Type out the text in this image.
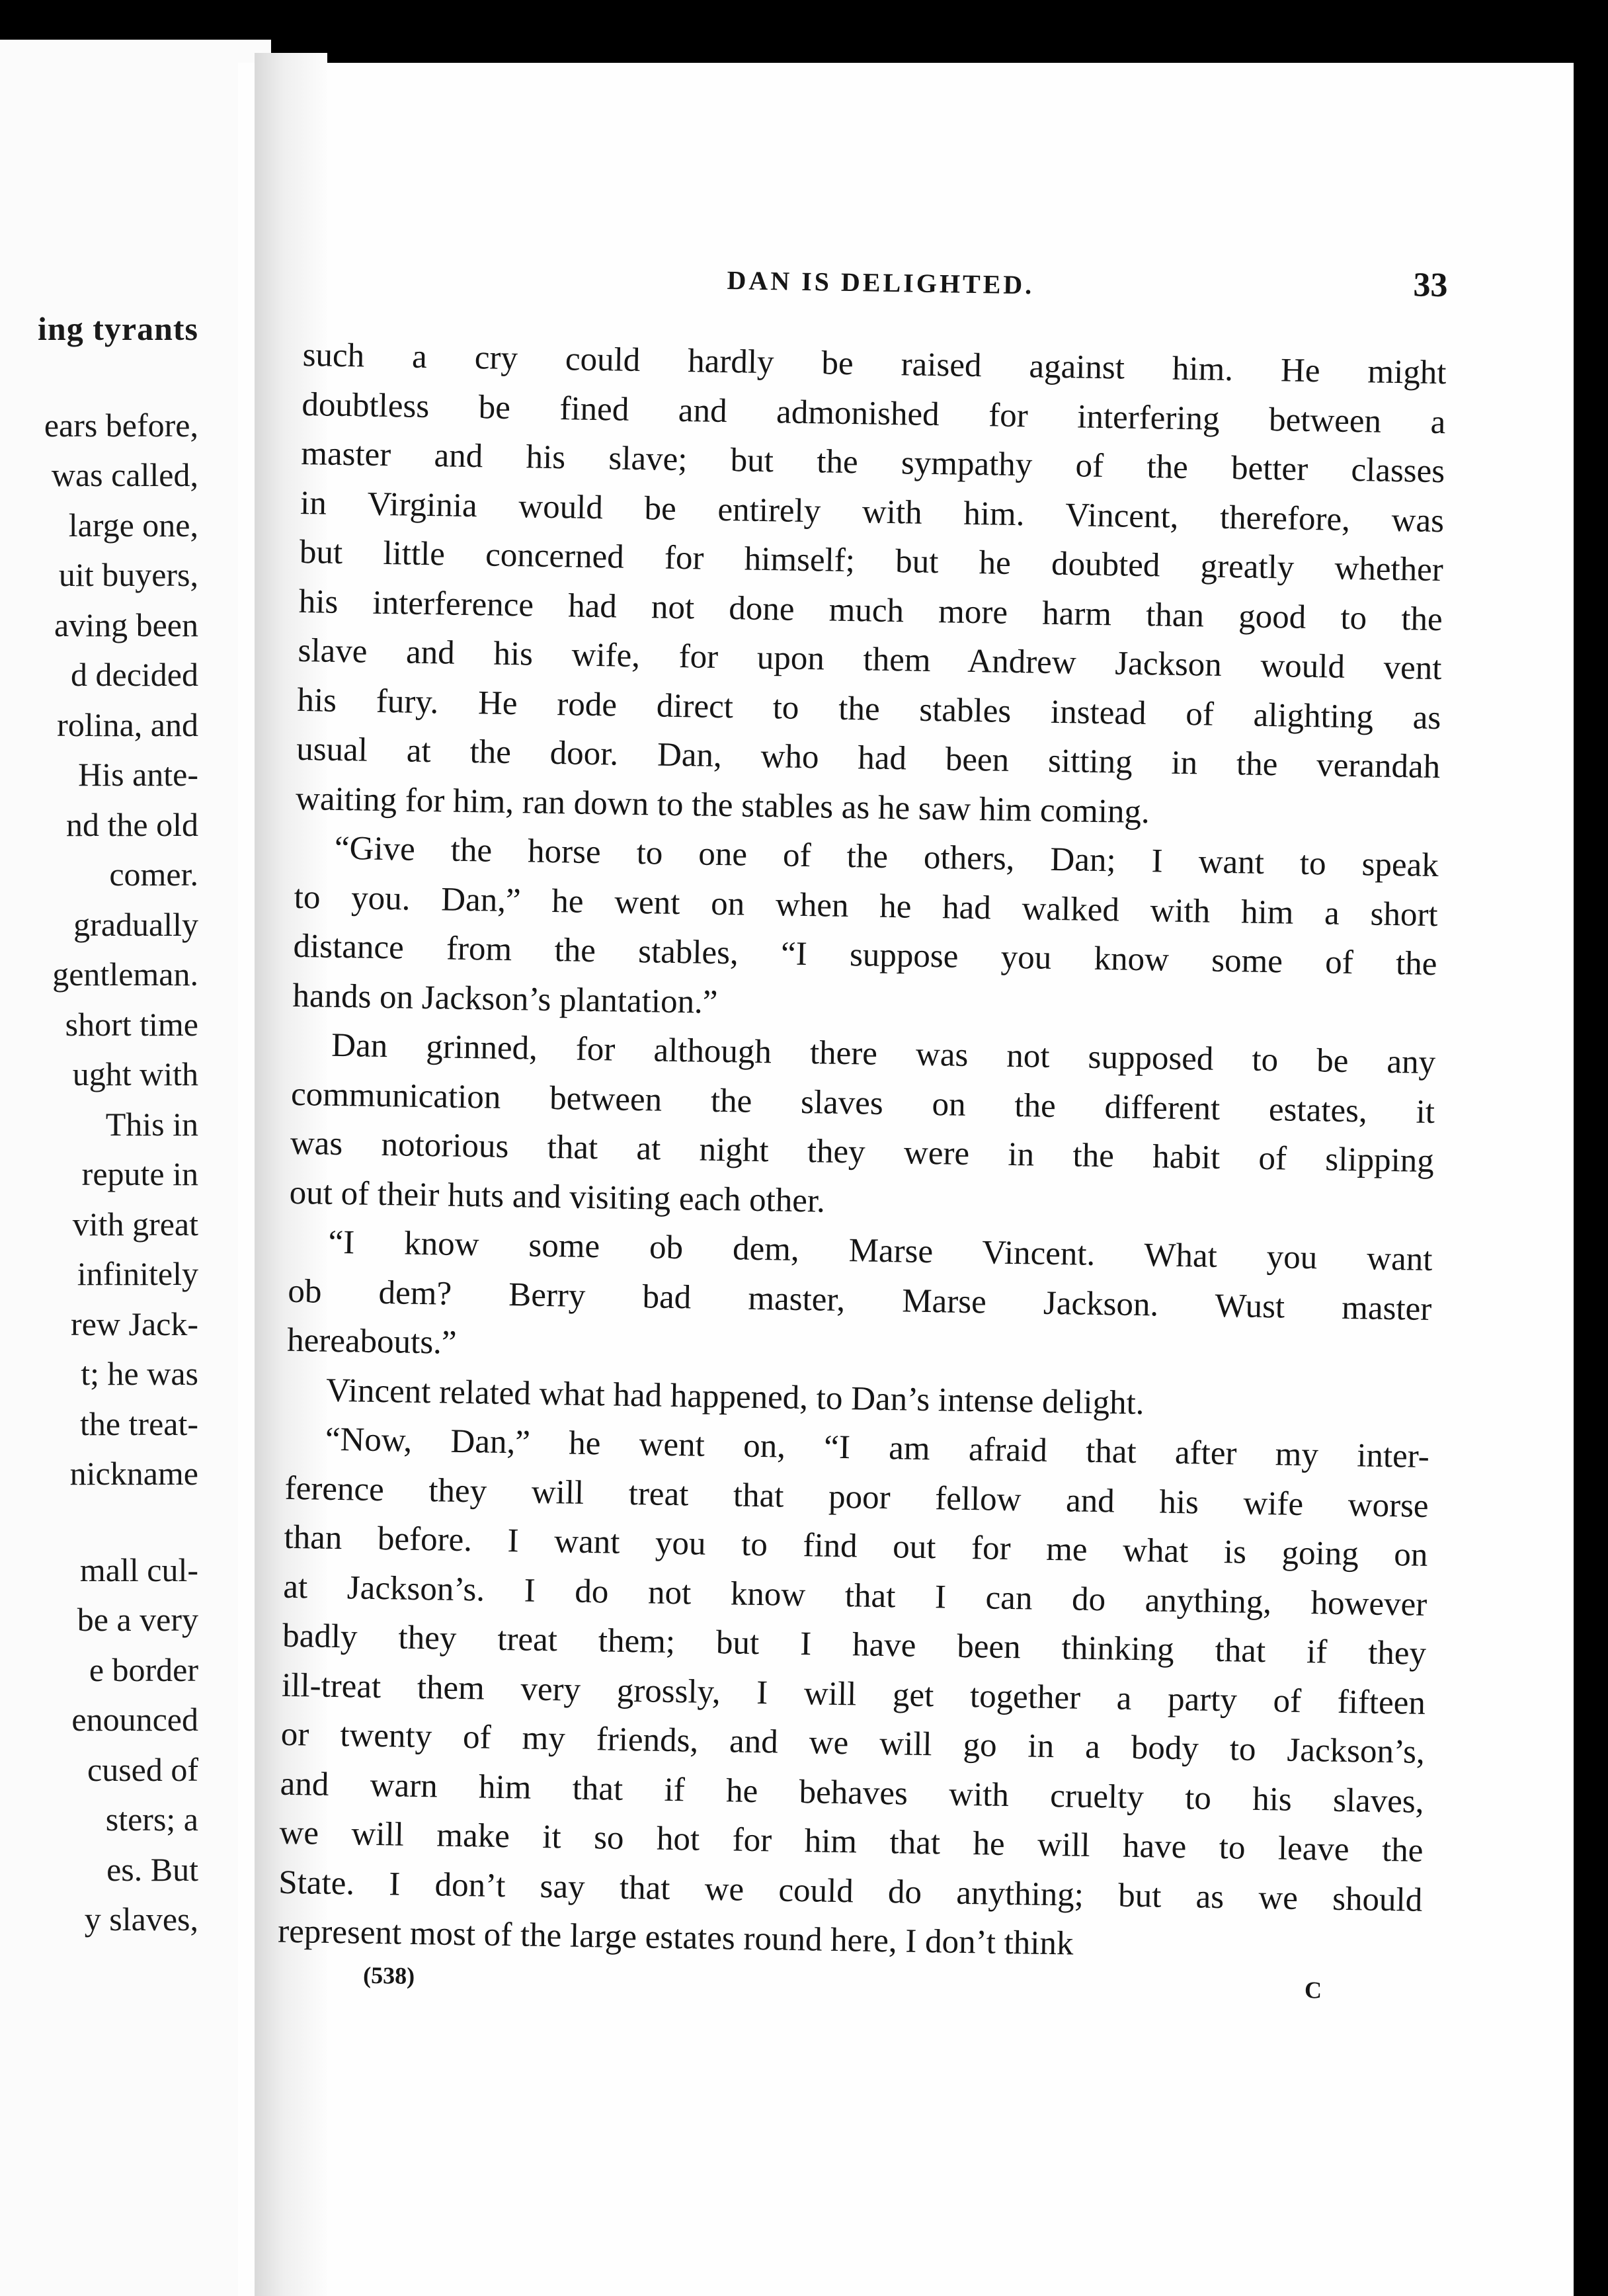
ing tyrants
ears before,
was called,
large one,
uit buyers,
aving been
d decided
rolina, and
His ante-
nd the old
comer.
gradually
gentleman.
short time
ught with
This in
repute in
vith great
infinitely
rew Jack-
t; he was
the treat-
nickname
mall cul-
be a very
e border
enounced
cused of
sters; a
es. But
y slaves,
DAN IS DELIGHTED.	33
such a cry could hardly be raised against him. He might
doubtless be fined and admonished for interfering between a
master and his slave; but the sympathy of the better classes
in Virginia would be entirely with him. Vincent, therefore, was
but little concerned for himself; but he doubted greatly whether
his interference had not done much more harm than good to the
slave and his wife, for upon them Andrew Jackson would vent
his fury. He rode direct to the stables instead of alighting as
usual at the door. Dan, who had been sitting in the verandah
waiting for him, ran down to the stables as he saw him coming.
“Give the horse to one of the others, Dan; I want to speak
to you. Dan,” he went on when he had walked with him a short
distance from the stables, “I suppose you know some of the
hands on Jackson’s plantation.”
Dan grinned, for although there was not supposed to be any
communication between the slaves on the different estates, it
was notorious that at night they were in the habit of slipping
out of their huts and visiting each other.
“I know some ob dem, Marse Vincent. What you want
ob dem? Berry bad master, Marse Jackson. Wust master
hereabouts.”
Vincent related what had happened, to Dan’s intense delight.
“Now, Dan,” he went on, “I am afraid that after my inter-
ference they will treat that poor fellow and his wife worse
than before. I want you to find out for me what is going on
at Jackson’s. I do not know that I can do anything, however
badly they treat them; but I have been thinking that if they
ill-treat them very grossly, I will get together a party of fifteen
or twenty of my friends, and we will go in a body to Jackson’s,
and warn him that if he behaves with cruelty to his slaves,
we will make it so hot for him that he will have to leave the
State. I don’t say that we could do anything; but as we should
represent most of the large estates round here, I don’t think
(538)
C
